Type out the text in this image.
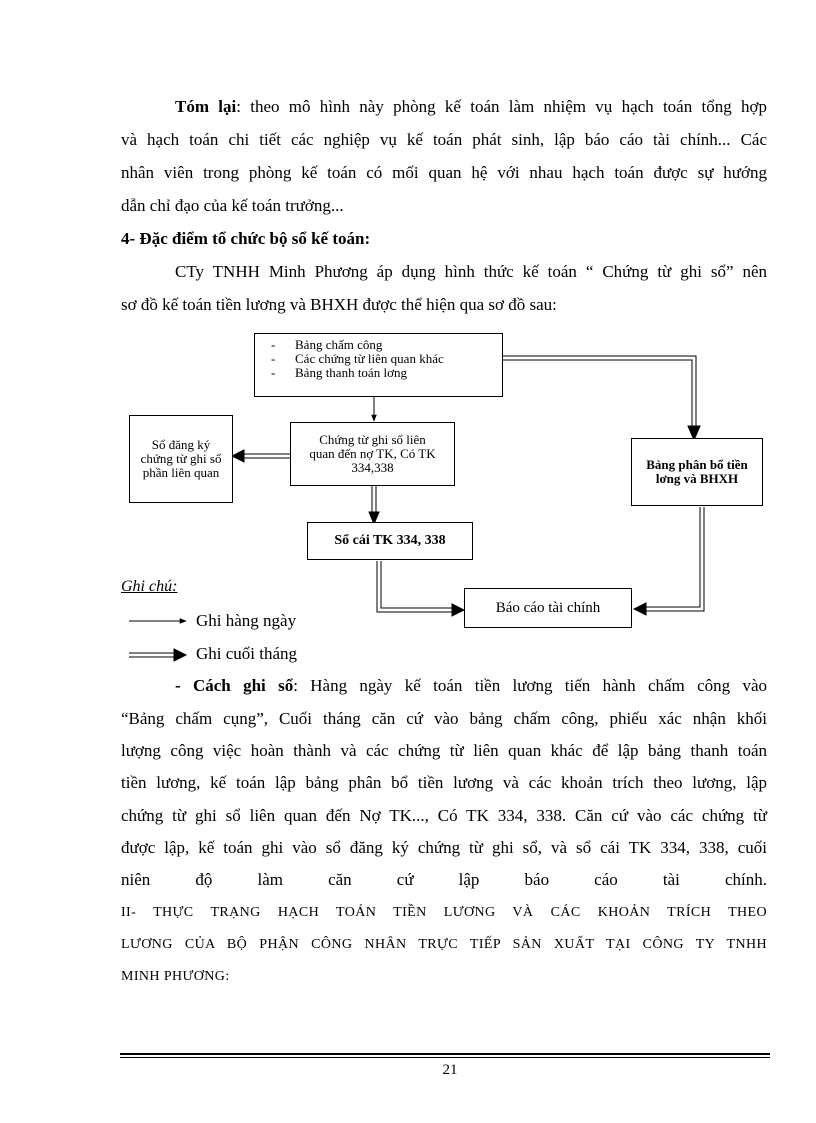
Tóm lại: theo mô hình này phòng kế toán làm nhiệm vụ hạch toán tổng hợp
và hạch toán chi tiết các nghiệp vụ kế toán phát sinh, lập báo cáo tài chính... Các
nhân viên trong phòng kế toán có mối quan hệ với nhau hạch toán được sự hướng
dẫn chỉ đạo của kế toán trưởng...
4- Đặc điểm tổ chức bộ sổ kế toán:
CTy TNHH Minh Phương áp dụng hình thức kế toán “ Chứng từ ghi sổ” nên
sơ đồ kế toán tiền lương và BHXH được thể hiện qua sơ đồ sau:
- Bảng chấm công
- Các chứng từ liên quan khác
- Bảng thanh toán lơng
Sổ đăng ký chứng từ ghi sổ phần liên quan
Chứng từ ghi sổ liên quan đến nợ TK, Có TK 334,338	Bảng phân bổ tiền lơng và BHXH
Sổ cái TK 334, 338
Báo cáo tài chính
Ghi chú:
Ghi hàng ngày
Ghi cuối tháng
- Cách ghi sổ: Hàng ngày kế toán tiền lương tiến hành chấm công vào
“Bảng chấm cụng”, Cuối tháng căn cứ vào bảng chấm công, phiếu xác nhận khối
lượng công việc hoàn thành và các chứng từ liên quan khác để lập bảng thanh toán
tiền lương, kế toán lập bảng phân bổ tiền lương và các khoản trích theo lương, lập
chứng từ ghi sổ liên quan đến Nợ TK..., Có TK 334, 338. Căn cứ vào các chứng từ
được lập, kế toán ghi vào sổ đăng ký chứng từ ghi sổ, và sổ cái TK 334, 338, cuối
niên độ làm căn cứ lập báo cáo tài chính.
II- THỰC TRẠNG HẠCH TOÁN TIỀN LƯƠNG VÀ CÁC KHOẢN TRÍCH THEO
LƯƠNG CỦA BỘ PHẬN CÔNG NHÂN TRỰC TIẾP SẢN XUẤT TẠI CÔNG TY TNHH
MINH PHƯƠNG:
21
